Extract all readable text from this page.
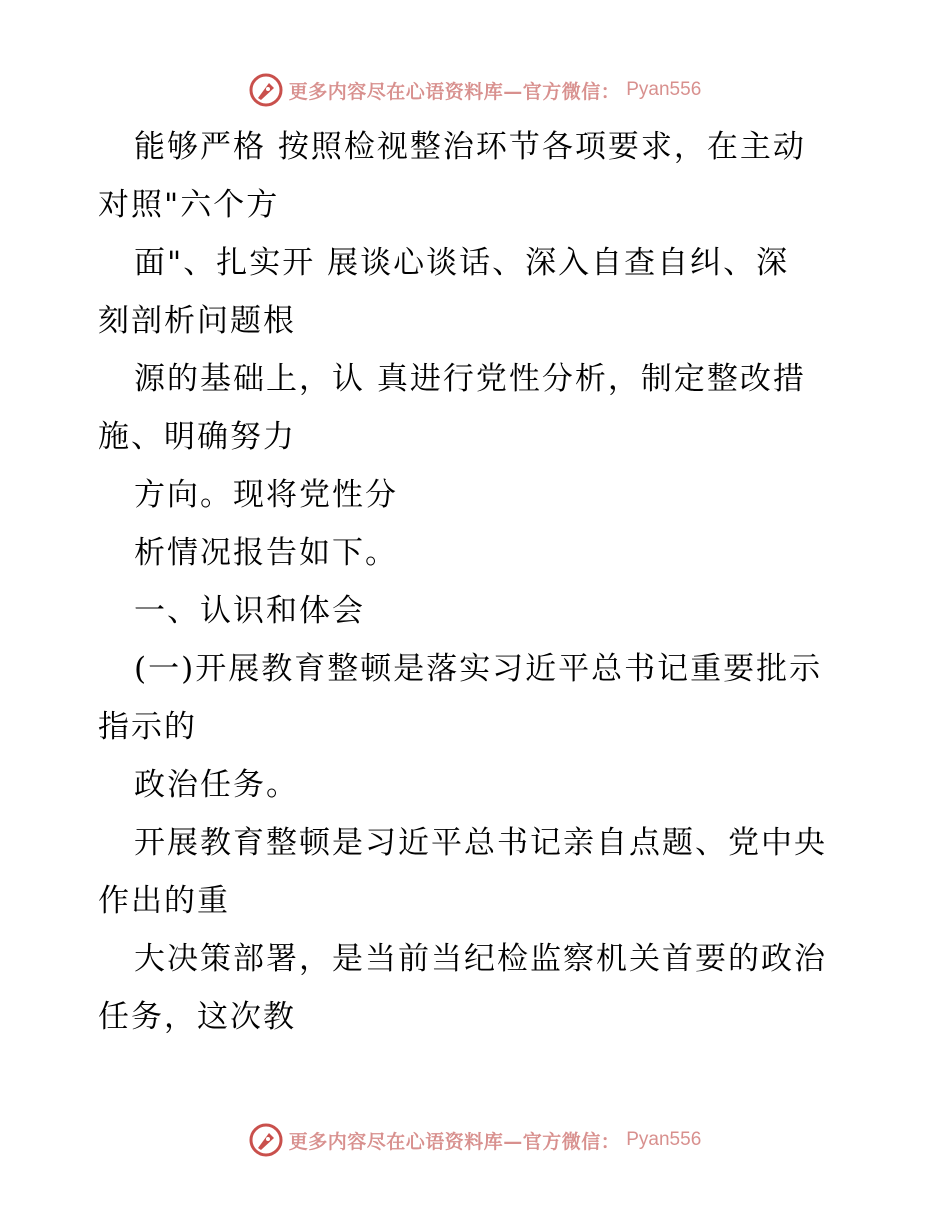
更多内容尽在心语资料库—官方微信： Pyan556
能够严格 按照检视整治环节各项要求，在主动
对照"六个方
面"、扎实开 展谈心谈话、深入自查自纠、深
刻剖析问题根
源的基础上，认 真进行党性分析，制定整改措
施、明确努力
方向。现将党性分
析情况报告如下。
一、认识和体会
(一)开展教育整顿是落实习近平总书记重要批示
指示的
政治任务。
开展教育整顿是习近平总书记亲自点题、党中央
作出的重
大决策部署，是当前当纪检监察机关首要的政治
任务，这次教
更多内容尽在心语资料库—官方微信： Pyan556
